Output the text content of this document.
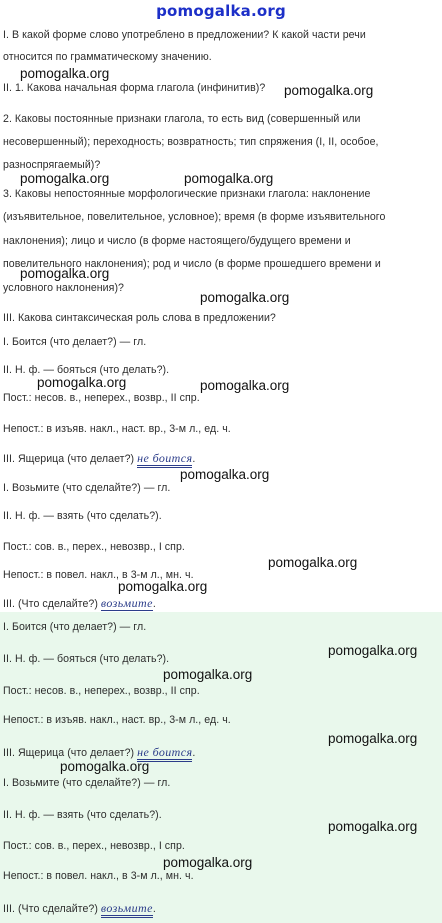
pomogalka.org
I. В какой форме слово употреблено в предложении? К какой части речи
относится по грамматическому значению.
II. 1. Какова начальная форма глагола (инфинитив)?
2. Каковы постоянные признаки глагола, то есть вид (совершенный или
несовершенный); переходность; возвратность; тип спряжения (I, II, особое,
разноспрягаемый)?
3. Каковы непостоянные морфологические признаки глагола: наклонение
(изъявительное, повелительное, условное); время (в форме изъявительного
наклонения); лицо и число (в форме настоящего/будущего времени и
повелительного наклонения); род и число (в форме прошедшего времени и
условного наклонения)?
III. Какова синтаксическая роль слова в предложении?
I. Боится (что делает?) — гл.
II. Н. ф. — бояться (что делать?).
Пост.: несов. в., неперех., возвр., II спр.
Непост.: в изъяв. накл., наст. вр., 3-м л., ед. ч.
III. Ящерица (что делает?) не боится.
I. Возьмите (что сделайте?) — гл.
II. Н. ф. — взять (что сделать?).
Пост.: сов. в., перех., невозвр., I спр.
Непост.: в повел. накл., в 3-м л., мн. ч.
III. (Что сделайте?) возьмите.
I. Боится (что делает?) — гл.
II. Н. ф. — бояться (что делать?).
Пост.: несов. в., неперех., возвр., II спр.
Непост.: в изъяв. накл., наст. вр., 3-м л., ед. ч.
III. Ящерица (что делает?) не боится.
I. Возьмите (что сделайте?) — гл.
II. Н. ф. — взять (что сделать?).
Пост.: сов. в., перех., невозвр., I спр.
Непост.: в повел. накл., в 3-м л., мн. ч.
III. (Что сделайте?) возьмите.
pomogalka.org
pomogalka.org
pomogalka.org	pomogalka.org
pomogalka.org
pomogalka.org
pomogalka.org	pomogalka.org
pomogalka.org
pomogalka.org
pomogalka.org
pomogalka.org
pomogalka.org
pomogalka.org
pomogalka.org
pomogalka.org
pomogalka.org
